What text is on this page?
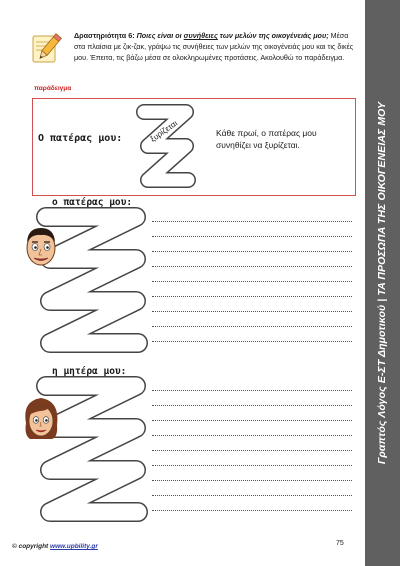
Γραπτός Λόγος Ε-ΣΤ Δημοτικού | ΤΑ ΠΡΟΣΩΠΑ ΤΗΣ ΟΙΚΟΓΕΝΕΙΑΣ ΜΟΥ
Δραστηριότητα 6: Ποιες είναι οι συνήθειες των μελών της οικογένειάς μου; Μέσα στα πλαίσια με ζικ-ζακ, γράψω τις συνήθειες των μελών της οικογένειάς μου και τις δικές μου. Έπειτα, τις βάζω μέσα σε ολοκληρωμένες προτάσεις. Ακολουθώ το παράδειγμα.
παράδειγμα
Ο πατέρας μου:	ξυρίζεται	Κάθε πρωί, ο πατέρας μου συνηθίζει να ξυρίζεται.
ο πατέρας μου:
η μητέρα μου:
© copyright www.upbility.gr	75
